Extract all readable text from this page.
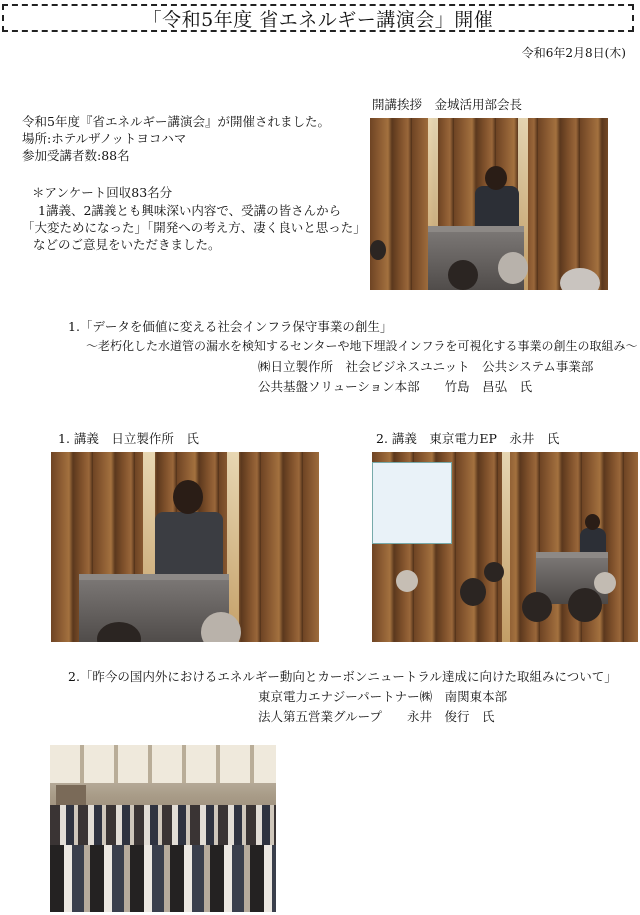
「令和5年度 省エネルギー講演会」開催
令和6年2月8日(木)
令和5年度『省エネルギー講演会』が開催されました。
場所:ホテルザノットヨコハマ
参加受講者数:88名
＊アンケート回収83名分
1講義、2講義とも興味深い内容で、受講の皆さんから
「大変ためになった」「開発への考え方、凄く良いと思った」
などのご意見をいただきました。
開講挨拶　金城活用部会長
1.「データを価値に変える社会インフラ保守事業の創生」
～老朽化した水道管の漏水を検知するセンターや地下埋設インフラを可視化する事業の創生の取組み～
㈱日立製作所　社会ビジネスユニット　公共システム事業部
公共基盤ソリューション本部　　竹島　昌弘　氏
1. 講義　日立製作所　氏	2. 講義　東京電力EP　永井　氏
2.「昨今の国内外におけるエネルギー動向とカーボンニュートラル達成に向けた取組みについて」
東京電力エナジーパートナー㈱　南関東本部
法人第五営業グループ　　永井　俊行　氏
